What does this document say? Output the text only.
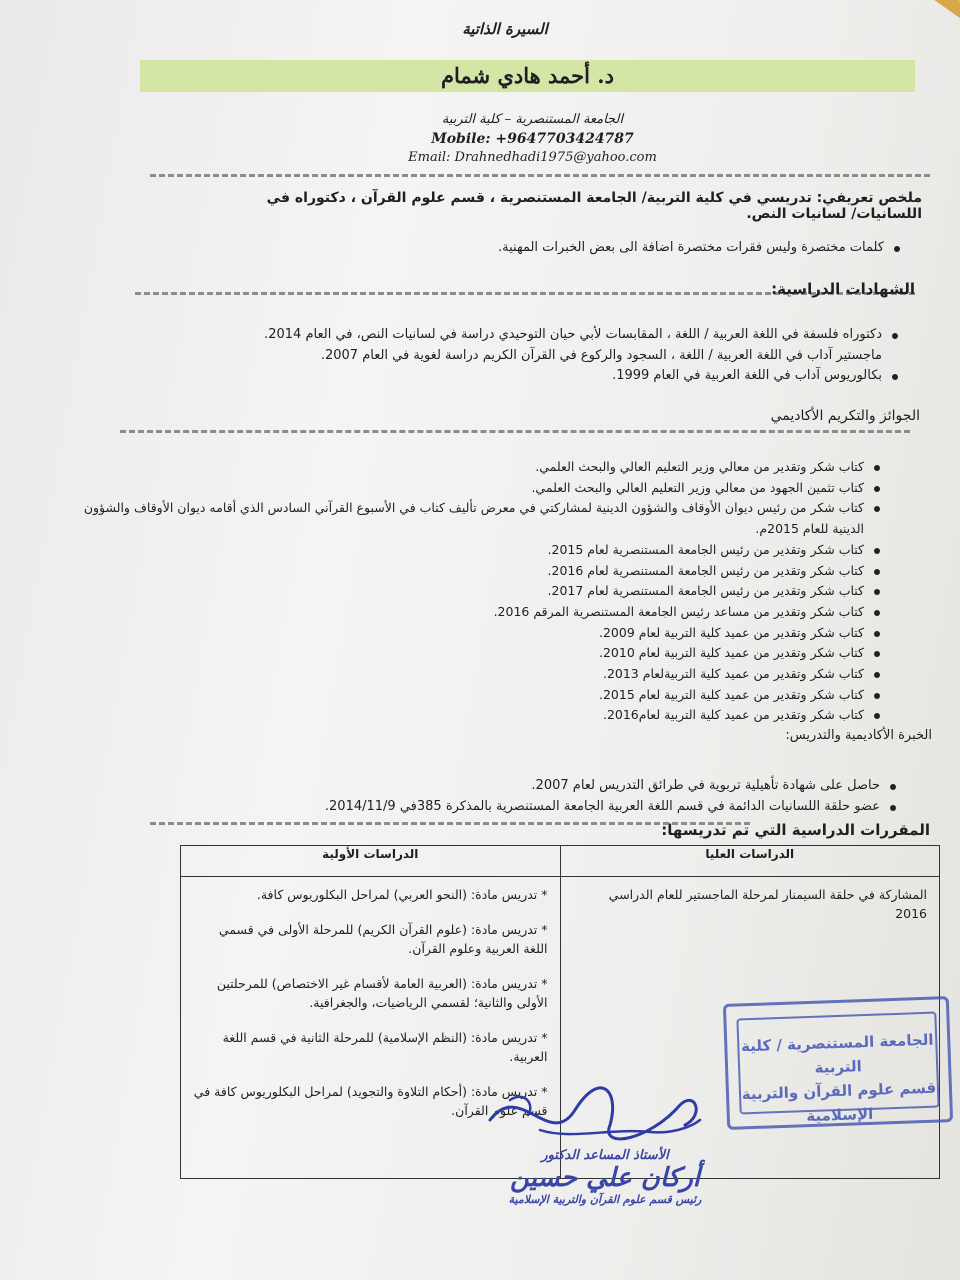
السيرة الذاتية
د. أحمد هادي شمام
الجامعة المستنصرية – كلية التربية
Mobile: +9647703424787
Email: Drahnedhadi1975@yahoo.com
ملخص تعريفي: تدريسي في كلية التربية/ الجامعة المستنصرية ، قسم علوم القرآن ، دكتوراه في اللسانيات/ لسانيات النص.
كلمات مختصرة وليس فقرات مختصرة اضافة الى بعض الخبرات المهنية.
الشهادات الدراسية:
دكتوراه فلسفة في اللغة العربية / اللغة ، المقابسات لأبي حيان التوحيدي دراسة في لسانيات النص، في العام 2014.
ماجستير آداب في اللغة العربية / اللغة ، السجود والركوع في القرآن الكريم دراسة لغوية في العام 2007.
بكالوريوس آداب في اللغة العربية في العام 1999.
الجوائز والتكريم الأكاديمي
كتاب شكر وتقدير من معالي وزير التعليم العالي والبحث العلمي.
كتاب تثمين الجهود من معالي وزير التعليم العالي والبحث العلمي.
كتاب شكر من رئيس ديوان الأوقاف والشؤون الدينية لمشاركتي في معرض تأليف كتاب في الأسبوع القرآني السادس الذي أقامه ديوان الأوقاف والشؤون الدينية للعام 2015م.
كتاب شكر وتقدير من رئيس الجامعة المستنصرية لعام 2015.
كتاب شكر وتقدير من رئيس الجامعة المستنصرية لعام 2016.
كتاب شكر وتقدير من رئيس الجامعة المستنصرية لعام 2017.
كتاب شكر وتقدير من مساعد رئيس الجامعة المستنصرية المرقم 2016.
كتاب شكر وتقدير من عميد كلية التربية لعام 2009.
كتاب شكر وتقدير من عميد كلية التربية لعام 2010.
كتاب شكر وتقدير من عميد كلية التربيةلعام 2013.
كتاب شكر وتقدير من عميد كلية التربية لعام 2015.
كتاب شكر وتقدير من عميد كلية التربية لعام2016.
الخبرة الأكاديمية والتدريس:
حاصل على شهادة تأهيلية تربوية في طرائق التدريس لعام 2007.
عضو حلقة اللسانيات الدائمة في قسم اللغة العربية الجامعة المستنصرية بالمذكرة 385في 2014/11/9.
المقررات الدراسية التي تم تدريسها:
الدراسات العليا	الدراسات الأولية

المشاركة في حلقة السيمنار لمرحلة الماجستير للعام الدراسي 2016	* تدريس مادة: (النحو العربي) لمراحل البكلوريوس كافة.
* تدريس مادة: (علوم القرآن الكريم) للمرحلة الأولى في قسمي اللغة العربية وعلوم القرآن.
* تدريس مادة: (العربية العامة لأقسام غير الاختصاص) للمرحلتين الأولى والثانية؛ لقسمي الرياضيات، والجغرافية.
* تدريس مادة: (النظم الإسلامية) للمرحلة الثانية في قسم اللغة العربية.
* تدريس مادة: (أحكام التلاوة والتجويد) لمراحل البكلوريوس كافة في قسم علوم القرآن.
الجامعة المستنصرية / كلية التربية
قسم علوم القرآن والتربية الإسلامية
الأستاذ المساعد الدكتور
أركان علي حسين
رئيس قسم علوم القرآن والتربية الإسلامية
